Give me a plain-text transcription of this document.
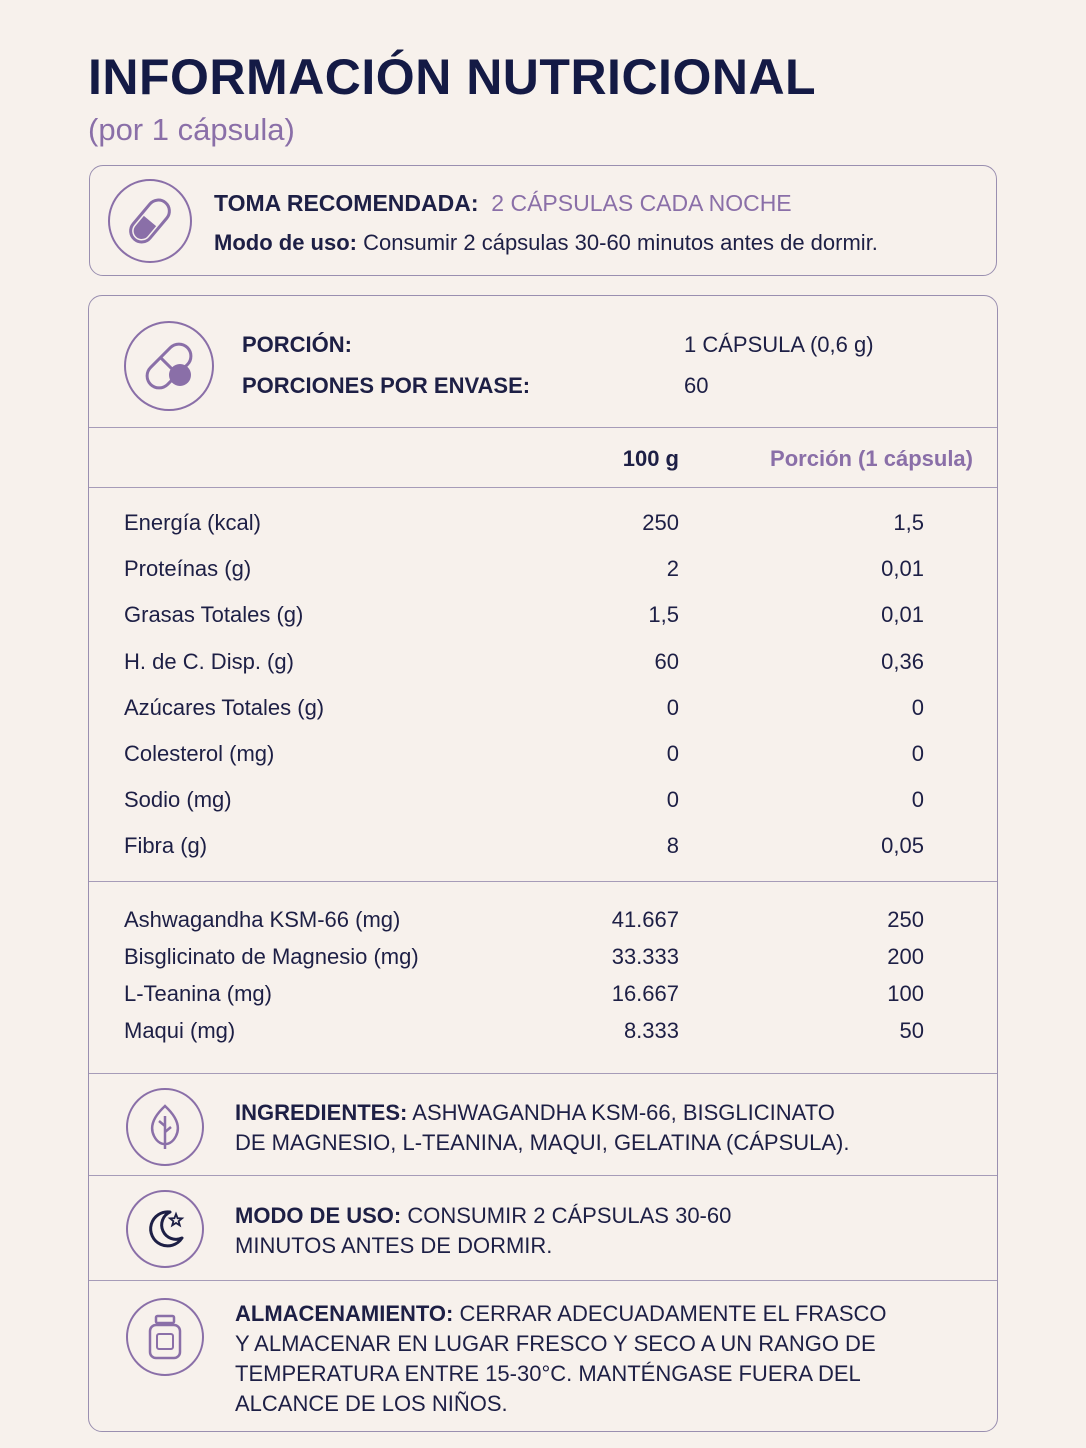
INFORMACIÓN NUTRICIONAL
(por 1 cápsula)
TOMA RECOMENDADA: 2 CÁPSULAS CADA NOCHE
Modo de uso: Consumir 2 cápsulas 30-60 minutos antes de dormir.
PORCIÓN:	1 CÁPSULA (0,6 g)
PORCIONES POR ENVASE:	60
100 g	Porción (1 cápsula)
Energía (kcal)	250	1,5
Proteínas (g)	2	0,01
Grasas Totales (g)	1,5	0,01
H. de C. Disp. (g)	60	0,36
Azúcares Totales (g)	0	0
Colesterol (mg)	0	0
Sodio (mg)	0	0
Fibra (g)	8	0,05
Ashwagandha KSM-66 (mg)	41.667	250
Bisglicinato de Magnesio (mg)	33.333	200
L-Teanina (mg)	16.667	100
Maqui (mg)	8.333	50
INGREDIENTES: ASHWAGANDHA KSM-66, BISGLICINATO
DE MAGNESIO, L-TEANINA, MAQUI, GELATINA (CÁPSULA).
MODO DE USO: CONSUMIR 2 CÁPSULAS 30-60
MINUTOS ANTES DE DORMIR.
ALMACENAMIENTO: CERRAR ADECUADAMENTE EL FRASCO
Y ALMACENAR EN LUGAR FRESCO Y SECO A UN RANGO DE
TEMPERATURA ENTRE 15-30°C. MANTÉNGASE FUERA DEL
ALCANCE DE LOS NIÑOS.
